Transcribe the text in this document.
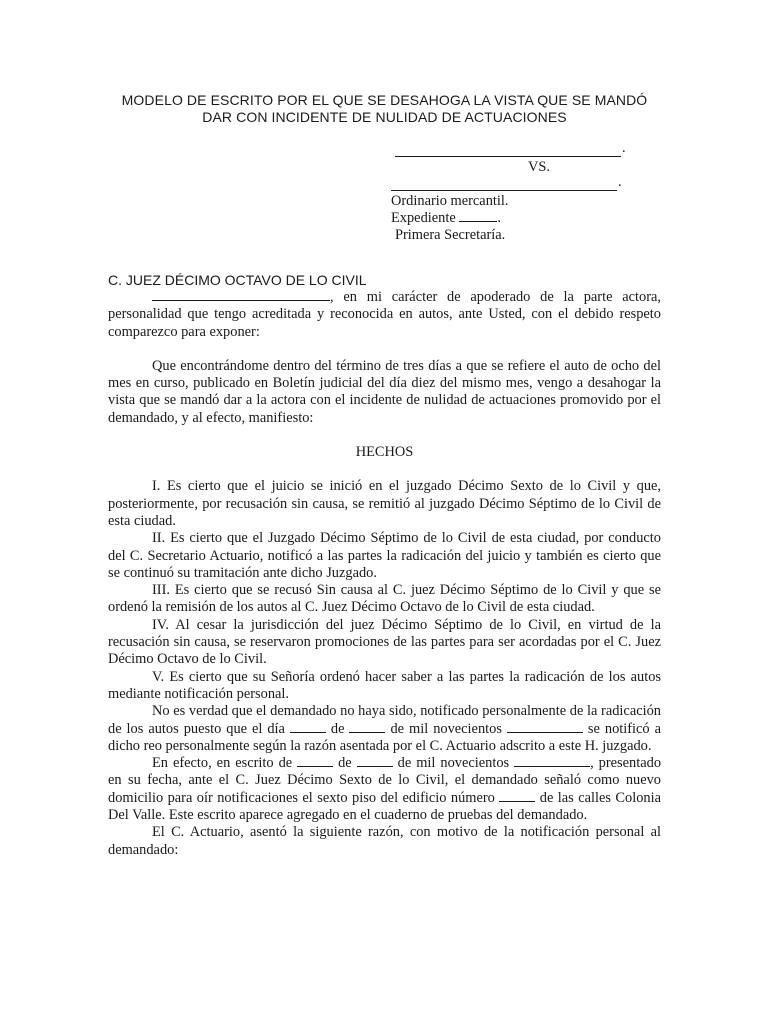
MODELO DE ESCRITO POR EL QUE SE DESAHOGA LA VISTA QUE SE MANDÓ
DAR CON INCIDENTE DE NULIDAD DE ACTUACIONES
.
VS.
.
Ordinario mercantil.
Expediente	.
Primera Secretaría.
C. JUEZ DÉCIMO OCTAVO DE LO CIVIL

, en mi carácter de apoderado de la parte actora, personalidad que tengo acreditada y reconocida en autos, ante Usted, con el debido respeto comparezco para exponer:

Que encontrándome dentro del término de tres días a que se refiere el auto de ocho del mes en curso, publicado en Boletín judicial del día diez del mismo mes, vengo a desahogar la vista que se mandó dar a la actora con el incidente de nulidad de actuaciones promovido por el demandado, y al efecto, manifiesto:

HECHOS

I. Es cierto que el juicio se inició en el juzgado Décimo Sexto de lo Civil y que, posteriormente, por recusación sin causa, se remitió al juzgado Décimo Séptimo de lo Civil de esta ciudad.

II. Es cierto que el Juzgado Décimo Séptimo de lo Civil de esta ciudad, por conducto del C. Secretario Actuario, notificó a las partes la radicación del juicio y también es cierto que se continuó su tramitación ante dicho Juzgado.

III. Es cierto que se recusó Sin causa al C. juez Décimo Séptimo de lo Civil y que se ordenó la remisión de los autos al C. Juez Décimo Octavo de lo Civil de esta ciudad.

IV. Al cesar la jurisdicción del juez Décimo Séptimo de lo Civil, en virtud de la recusación sin causa, se reservaron promociones de las partes para ser acordadas por el C. Juez Décimo Octavo de lo Civil.

V. Es cierto que su Señoría ordenó hacer saber a las partes la radicación de los autos mediante notificación personal.

No es verdad que el demandado no haya sido, notificado personalmente de la radicación de los autos puesto que el día	de	de mil novecientos	se notificó a dicho reo personalmente según la razón asentada por el C. Actuario adscrito a este H. juzgado.

En efecto, en escrito de	de	de mil novecientos	, presentado en su fecha, ante el C. Juez Décimo Sexto de lo Civil, el demandado señaló como nuevo domicilio para oír notificaciones el sexto piso del edificio número	de las calles Colonia Del Valle. Este escrito aparece agregado en el cuaderno de pruebas del demandado.

El C. Actuario, asentó la siguiente razón, con motivo de la notificación personal al demandado:
